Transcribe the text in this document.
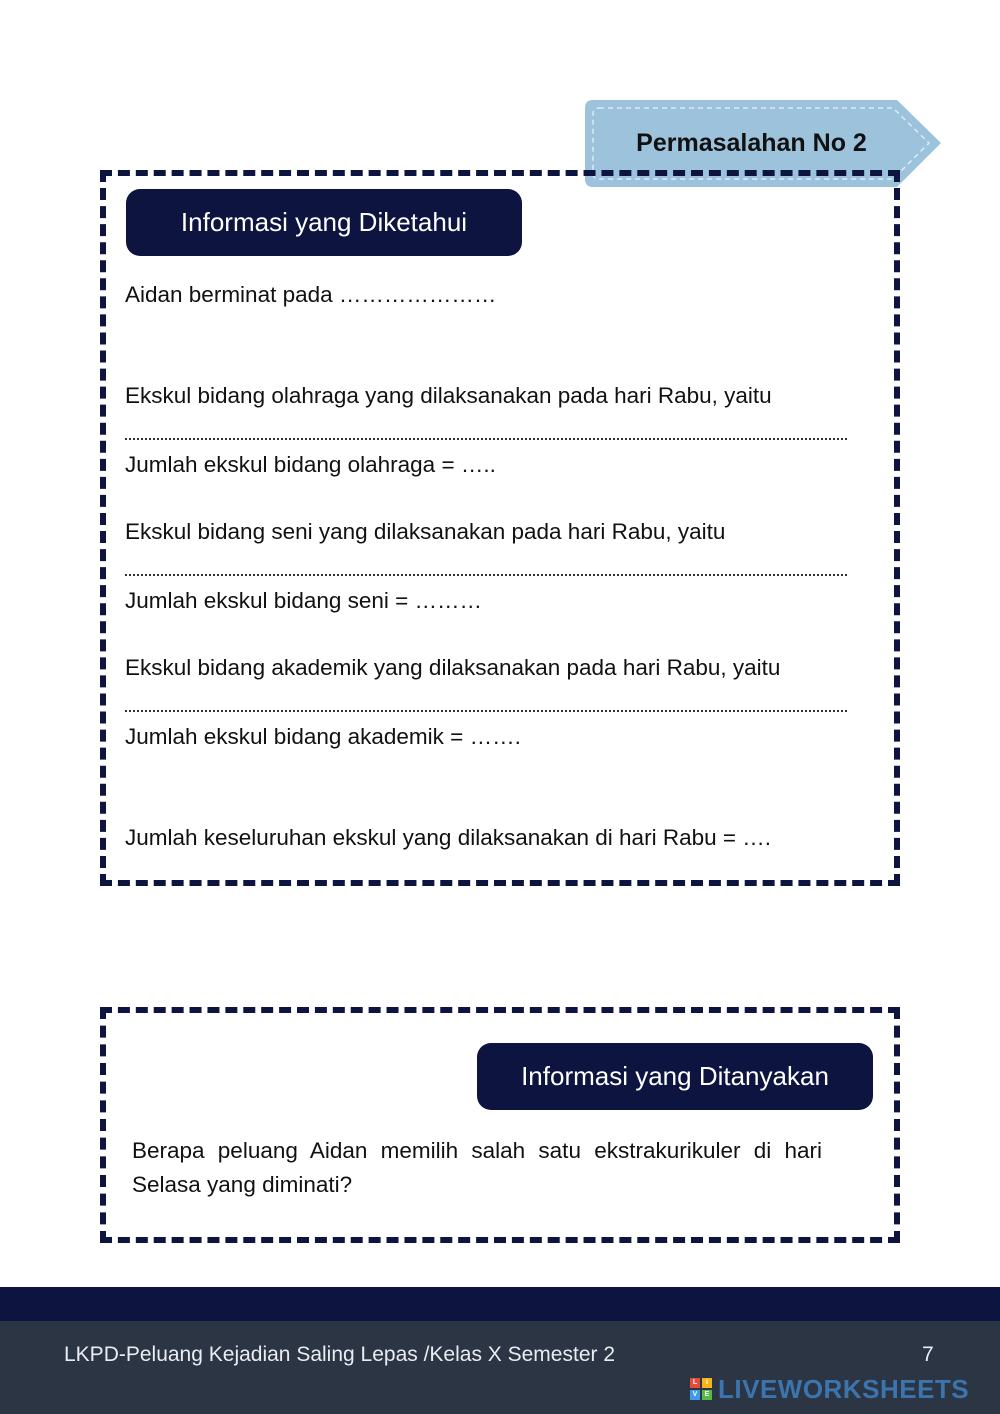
Permasalahan No 2
Informasi yang Diketahui
Aidan berminat pada …………………
Ekskul bidang olahraga yang dilaksanakan pada hari Rabu, yaitu
Jumlah ekskul bidang olahraga = …..
Ekskul bidang seni yang dilaksanakan pada hari Rabu, yaitu
Jumlah ekskul bidang seni = ………
Ekskul bidang akademik yang dilaksanakan pada hari Rabu, yaitu
Jumlah ekskul bidang akademik = …….
Jumlah keseluruhan ekskul yang dilaksanakan di hari Rabu = ….
Informasi yang Ditanyakan
Berapa peluang Aidan memilih salah satu ekstrakurikuler di hari Selasa yang diminati?
LKPD-Peluang Kejadian Saling Lepas /Kelas X Semester 2	7
L	I
V	E LIVEWORKSHEETS
